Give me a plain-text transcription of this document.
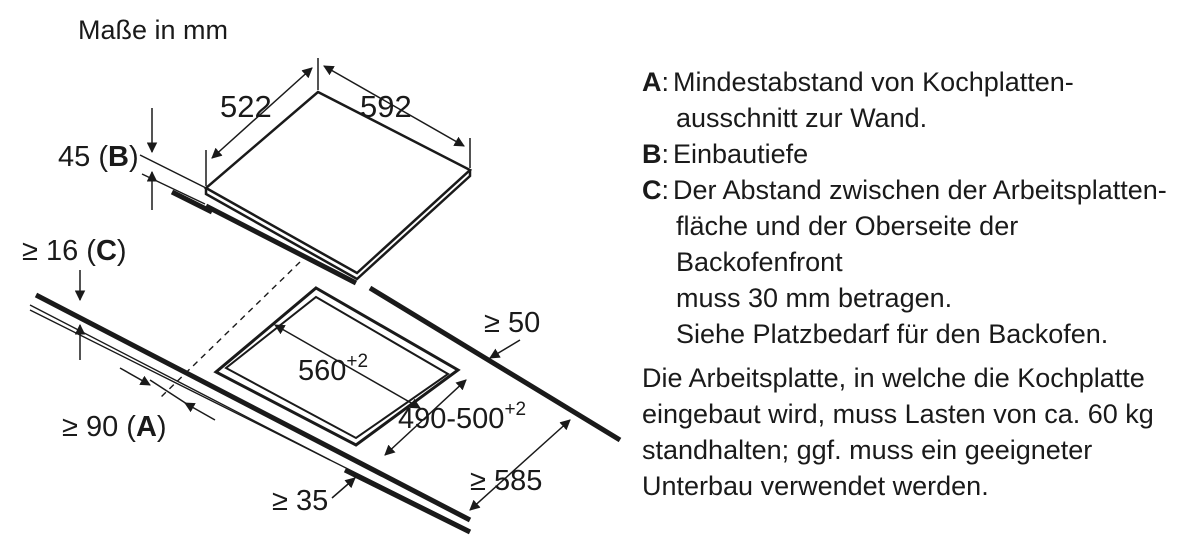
Maße in mm
522	592
45 (B)
≥ 16 (C)
≥ 90 (A)
≥ 50
$560^{+2}$
$490-500^{+2}$
≥ 35
≥ 585
A : Mindestabstand von Kochplatten-
ausschnitt zur Wand.
B : Einbautiefe
C : Der Abstand zwischen der Arbeitsplatten-
fläche und der Oberseite der Backofenfront
muss 30 mm betragen.
Siehe Platzbedarf für den Backofen.
Die Arbeitsplatte, in welche die Kochplatte
eingebaut wird, muss Lasten von ca. 60 kg
standhalten; ggf. muss ein geeigneter
Unterbau verwendet werden.
